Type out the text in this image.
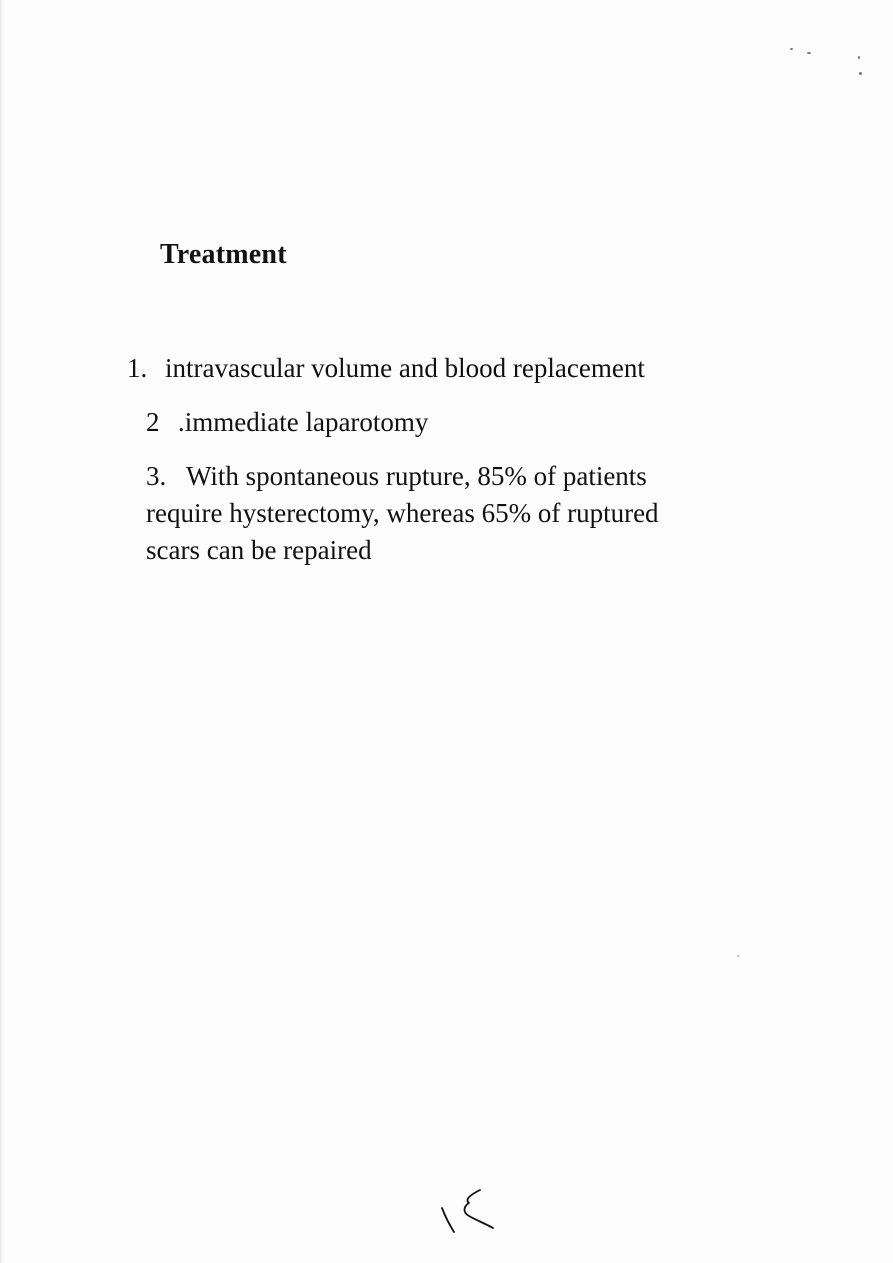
Treatment
1. intravascular volume and blood replacement
2 .immediate laparotomy
3. With spontaneous rupture, 85% of patients
require hysterectomy, whereas 65% of ruptured
scars can be repaired
